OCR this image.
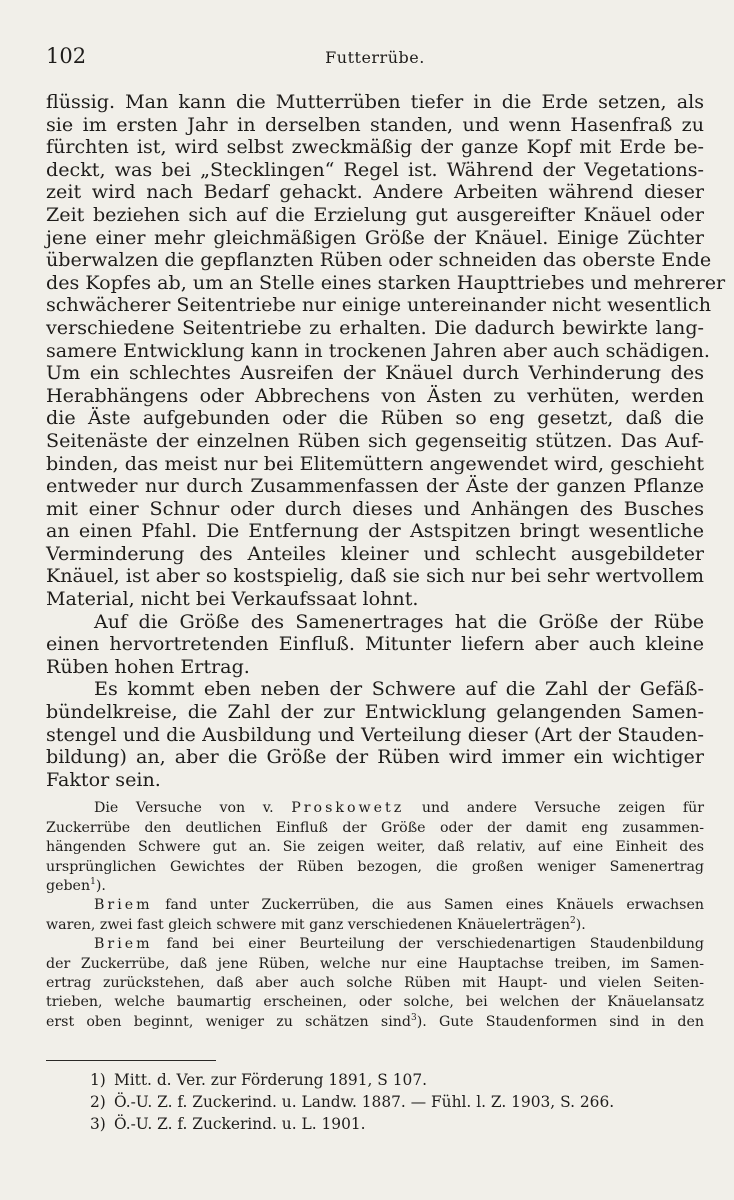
102	Futterrübe.
flüssig. Man kann die Mutterrüben tiefer in die Erde setzen, als
sie im ersten Jahr in derselben standen, und wenn Hasenfraß zu
fürchten ist, wird selbst zweckmäßig der ganze Kopf mit Erde be-
deckt, was bei „Stecklingen“ Regel ist. Während der Vegetations-
zeit wird nach Bedarf gehackt. Andere Arbeiten während dieser
Zeit beziehen sich auf die Erzielung gut ausgereifter Knäuel oder
jene einer mehr gleichmäßigen Größe der Knäuel. Einige Züchter
überwalzen die gepflanzten Rüben oder schneiden das oberste Ende
des Kopfes ab, um an Stelle eines starken Haupttriebes und mehrerer
schwächerer Seitentriebe nur einige untereinander nicht wesentlich
verschiedene Seitentriebe zu erhalten. Die dadurch bewirkte lang-
samere Entwicklung kann in trockenen Jahren aber auch schädigen.
Um ein schlechtes Ausreifen der Knäuel durch Verhinderung des
Herabhängens oder Abbrechens von Ästen zu verhüten, werden
die Äste aufgebunden oder die Rüben so eng gesetzt, daß die
Seitenäste der einzelnen Rüben sich gegenseitig stützen. Das Auf-
binden, das meist nur bei Elitemüttern angewendet wird, geschieht
entweder nur durch Zusammenfassen der Äste der ganzen Pflanze
mit einer Schnur oder durch dieses und Anhängen des Busches
an einen Pfahl. Die Entfernung der Astspitzen bringt wesentliche
Verminderung des Anteiles kleiner und schlecht ausgebildeter
Knäuel, ist aber so kostspielig, daß sie sich nur bei sehr wertvollem
Material, nicht bei Verkaufssaat lohnt.
Auf die Größe des Samenertrages hat die Größe der Rübe
einen hervortretenden Einfluß. Mitunter liefern aber auch kleine
Rüben hohen Ertrag.
Es kommt eben neben der Schwere auf die Zahl der Gefäß-
bündelkreise, die Zahl der zur Entwicklung gelangenden Samen-
stengel und die Ausbildung und Verteilung dieser (Art der Stauden-
bildung) an, aber die Größe der Rüben wird immer ein wichtiger
Faktor sein.
Die Versuche von v. Proskowetz und andere Versuche zeigen für
Zuckerrübe den deutlichen Einfluß der Größe oder der damit eng zusammen-
hängenden Schwere gut an. Sie zeigen weiter, daß relativ, auf eine Einheit des
ursprünglichen Gewichtes der Rüben bezogen, die großen weniger Samenertrag
geben$^1$).
Briem fand unter Zuckerrüben, die aus Samen eines Knäuels erwachsen
waren, zwei fast gleich schwere mit ganz verschiedenen Knäuelerträgen$^2$).
Briem fand bei einer Beurteilung der verschiedenartigen Staudenbildung
der Zuckerrübe, daß jene Rüben, welche nur eine Hauptachse treiben, im Samen-
ertrag zurückstehen, daß aber auch solche Rüben mit Haupt- und vielen Seiten-
trieben, welche baumartig erscheinen, oder solche, bei welchen der Knäuelansatz
erst oben beginnt, weniger zu schätzen sind$^3$). Gute Staudenformen sind in den
1) Mitt. d. Ver. zur Förderung 1891, S 107.
2) Ö.-U. Z. f. Zuckerind. u. Landw. 1887. — Fühl. l. Z. 1903, S. 266.
3) Ö.-U. Z. f. Zuckerind. u. L. 1901.
